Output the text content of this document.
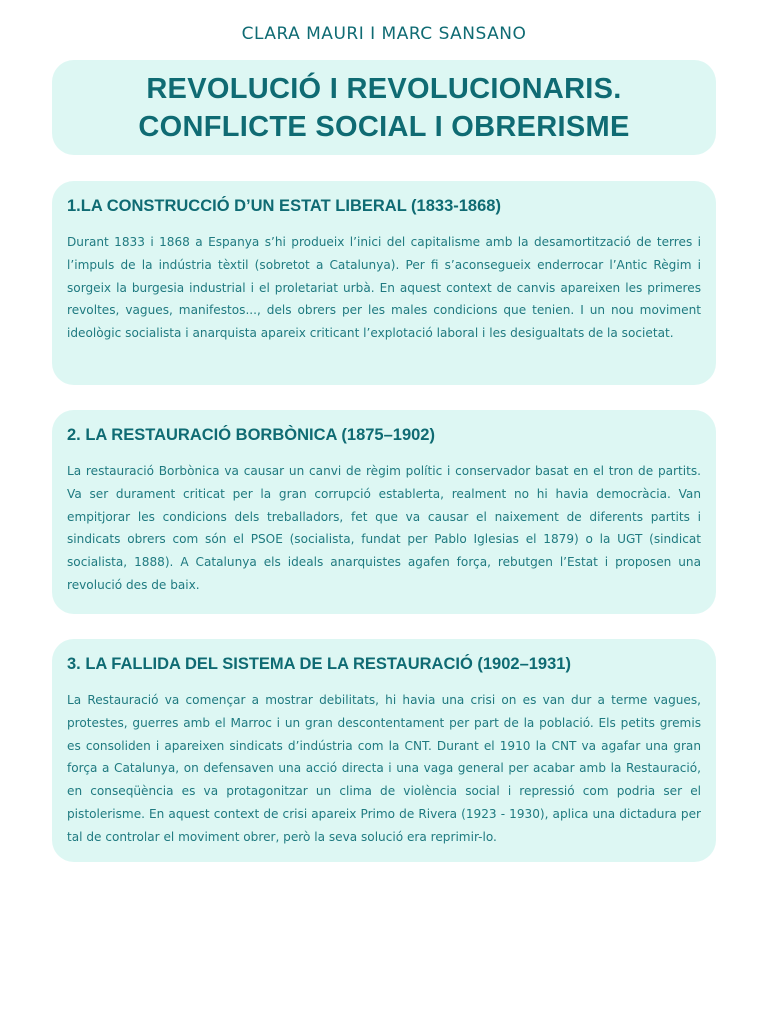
CLARA MAURI I MARC SANSANO
REVOLUCIÓ I REVOLUCIONARIS.
CONFLICTE SOCIAL I OBRERISME
1.LA CONSTRUCCIÓ D’UN ESTAT LIBERAL (1833-1868)

Durant 1833 i 1868 a Espanya s’hi produeix l’inici del capitalisme amb la desamortització de terres i l’impuls de la indústria tèxtil (sobretot a Catalunya). Per fi s’aconsegueix enderrocar l’Antic Règim i sorgeix la burgesia industrial i el proletariat urbà. En aquest context de canvis apareixen les primeres revoltes, vagues, manifestos..., dels obrers per les males condicions que tenien. I un nou moviment ideològic socialista i anarquista apareix criticant l’explotació laboral i les desigualtats de la societat.

2. LA RESTAURACIÓ BORBÒNICA (1875–1902)

La restauració Borbònica va causar un canvi de règim polític i conservador basat en el tron de partits. Va ser durament criticat per la gran corrupció establerta, realment no hi havia democràcia. Van empitjorar les condicions dels treballadors, fet que va causar el naixement de diferents partits i sindicats obrers com són el PSOE (socialista, fundat per Pablo Iglesias el 1879) o la UGT (sindicat socialista, 1888). A Catalunya els ideals anarquistes agafen força, rebutgen l’Estat i proposen una revolució des de baix.

3. LA FALLIDA DEL SISTEMA DE LA RESTAURACIÓ (1902–1931)

La Restauració va començar a mostrar debilitats, hi havia una crisi on es van dur a terme vagues, protestes, guerres amb el Marroc i un gran descontentament per part de la població. Els petits gremis es consoliden i apareixen sindicats d’indústria com la CNT. Durant el 1910 la CNT va agafar una gran força a Catalunya, on defensaven una acció directa i una vaga general per acabar amb la Restauració, en conseqüència es va protagonitzar un clima de violència social i repressió com podria ser el pistolerisme. En aquest context de crisi apareix Primo de Rivera (1923 - 1930), aplica una dictadura per tal de controlar el moviment obrer, però la seva solució era reprimir-lo.
